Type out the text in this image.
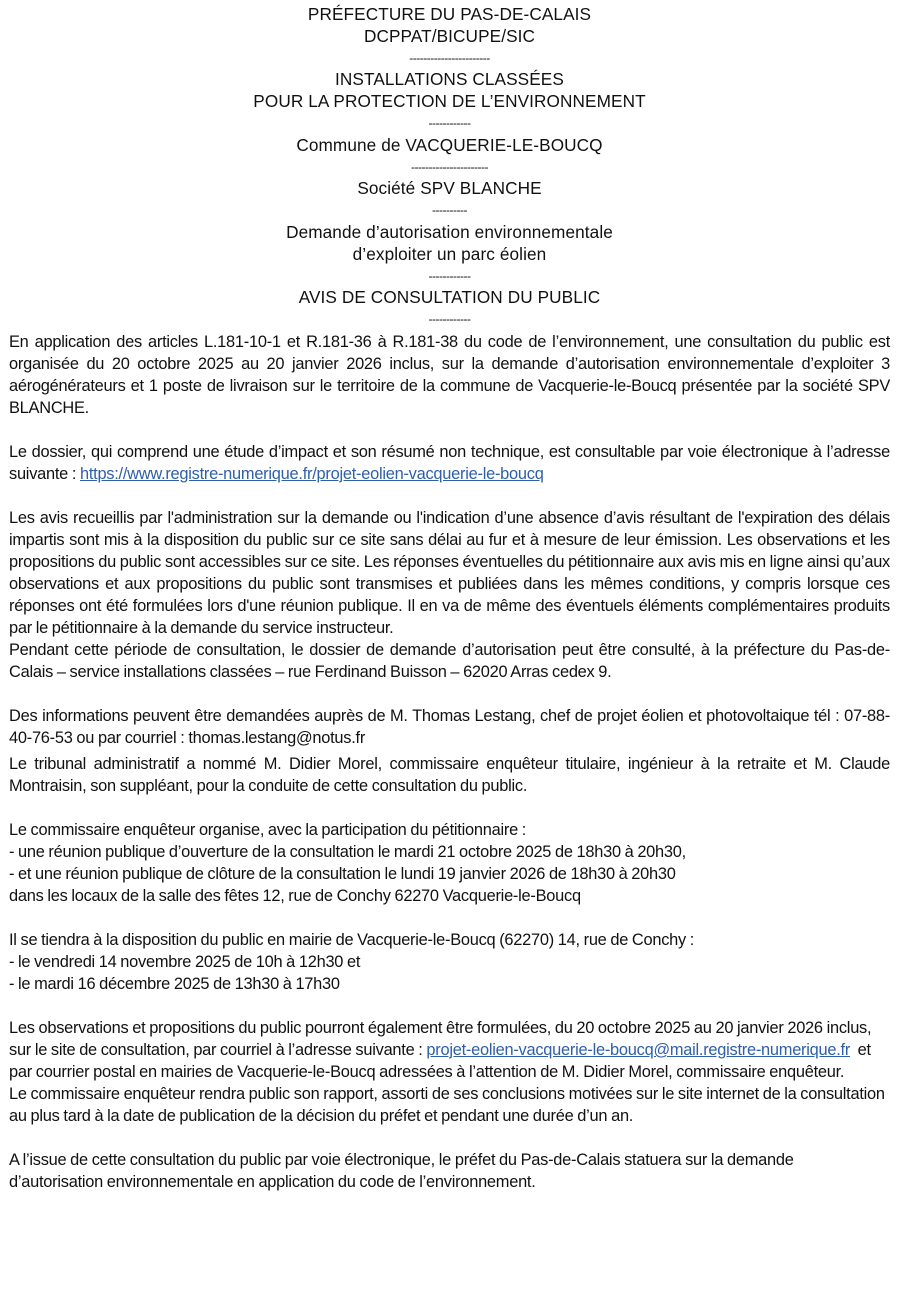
PRÉFECTURE DU PAS-DE-CALAIS
DCPPAT/BICUPE/SIC
-----------------------
INSTALLATIONS CLASSÉES
POUR LA PROTECTION DE L’ENVIRONNEMENT
------------
Commune de VACQUERIE-LE-BOUCQ
----------------------
Société SPV BLANCHE
----------
Demande d’autorisation environnementale
d’exploiter un parc éolien
------------
AVIS DE CONSULTATION DU PUBLIC
------------

En application des articles L.181-10-1 et R.181-36 à R.181-38 du code de l’environnement, une consultation du public est organisée du 20 octobre 2025 au 20 janvier 2026 inclus, sur la demande d’autorisation environnementale d’exploiter 3 aérogénérateurs et 1 poste de livraison sur le territoire de la commune de Vacquerie-le-Boucq présentée par la société SPV BLANCHE.

Le dossier, qui comprend une étude d’impact et son résumé non technique, est consultable par voie électronique à l’adresse suivante : https://www.registre-numerique.fr/projet-eolien-vacquerie-le-boucq

Les avis recueillis par l'administration sur la demande ou l'indication d’une absence d’avis résultant de l'expiration des délais impartis sont mis à la disposition du public sur ce site sans délai au fur et à mesure de leur émission. Les observations et les propositions du public sont accessibles sur ce site. Les réponses éventuelles du pétitionnaire aux avis mis en ligne ainsi qu’aux observations et aux propositions du public sont transmises et publiées dans les mêmes conditions, y compris lorsque ces réponses ont été formulées lors d'une réunion publique. Il en va de même des éventuels éléments complémentaires produits par le pétitionnaire à la demande du service instructeur.

Pendant cette période de consultation, le dossier de demande d’autorisation peut être consulté, à la préfecture du Pas-de-Calais – service installations classées – rue Ferdinand Buisson – 62020 Arras cedex 9.

Des informations peuvent être demandées auprès de M. Thomas Lestang, chef de projet éolien et photovoltaique tél : 07-88-40-76-53 ou par courriel : thomas.lestang@notus.fr

Le tribunal administratif a nommé M. Didier Morel, commissaire enquêteur titulaire, ingénieur à la retraite et M. Claude Montraisin, son suppléant, pour la conduite de cette consultation du public.

Le commissaire enquêteur organise, avec la participation du pétitionnaire :

- une réunion publique d’ouverture de la consultation le mardi 21 octobre 2025 de 18h30 à 20h30,

- et une réunion publique de clôture de la consultation le lundi 19 janvier 2026 de 18h30 à 20h30

dans les locaux de la salle des fêtes 12, rue de Conchy 62270 Vacquerie-le-Boucq

Il se tiendra à la disposition du public en mairie de Vacquerie-le-Boucq (62270) 14, rue de Conchy :

- le vendredi 14 novembre 2025 de 10h à 12h30 et

- le mardi 16 décembre 2025 de 13h30 à 17h30

Les observations et propositions du public pourront également être formulées, du 20 octobre 2025 au 20 janvier 2026 inclus, sur le site de consultation, par courriel à l’adresse suivante : projet-eolien-vacquerie-le-boucq@mail.registre-numerique.fr  et par courrier postal en mairies de Vacquerie-le-Boucq adressées à l’attention de M. Didier Morel, commissaire enquêteur.

Le commissaire enquêteur rendra public son rapport, assorti de ses conclusions motivées sur le site internet de la consultation au plus tard à la date de publication de la décision du préfet et pendant une durée d’un an.

A l’issue de cette consultation du public par voie électronique, le préfet du Pas-de-Calais statuera sur la demande d’autorisation environnementale en application du code de l’environnement.
